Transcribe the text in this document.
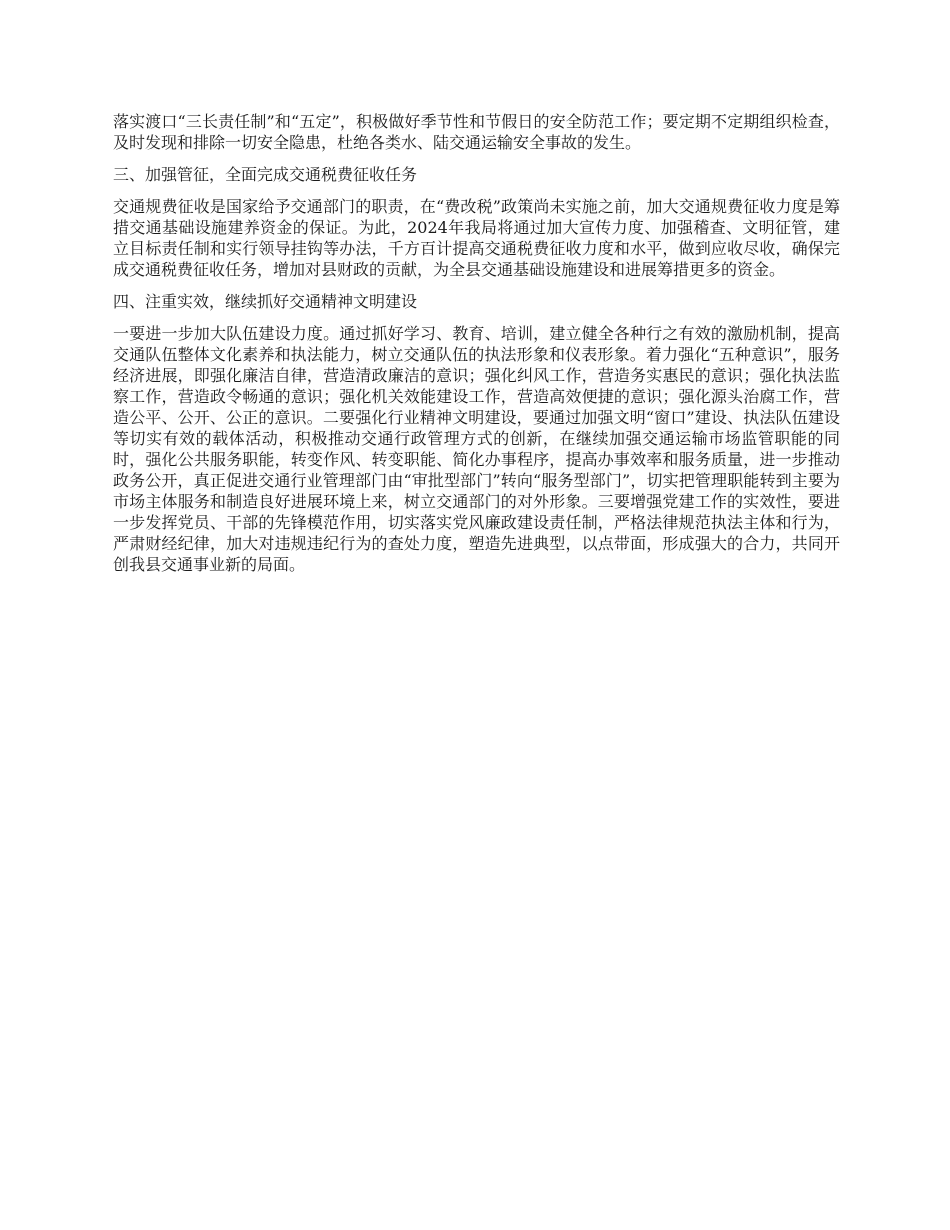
落实渡口“三长责任制”和“五定”，积极做好季节性和节假日的安全防范工作；要定期不定期组织检查，及时发现和排除一切安全隐患，杜绝各类水、陆交通运输安全事故的发生。

三、加强管征，全面完成交通税费征收任务

交通规费征收是国家给予交通部门的职责，在“费改税”政策尚未实施之前，加大交通规费征收力度是筹措交通基础设施建养资金的保证。为此，2024年我局将通过加大宣传力度、加强稽查、文明征管，建立目标责任制和实行领导挂钩等办法，千方百计提高交通税费征收力度和水平，做到应收尽收，确保完成交通税费征收任务，增加对县财政的贡献，为全县交通基础设施建设和进展筹措更多的资金。

四、注重实效，继续抓好交通精神文明建设

一要进一步加大队伍建设力度。通过抓好学习、教育、培训，建立健全各种行之有效的激励机制，提高交通队伍整体文化素养和执法能力，树立交通队伍的执法形象和仪表形象。着力强化“五种意识”，服务经济进展，即强化廉洁自律，营造清政廉洁的意识；强化纠风工作，营造务实惠民的意识；强化执法监察工作，营造政令畅通的意识；强化机关效能建设工作，营造高效便捷的意识；强化源头治腐工作，营造公平、公开、公正的意识。二要强化行业精神文明建设，要通过加强文明“窗口”建设、执法队伍建设等切实有效的载体活动，积极推动交通行政管理方式的创新，在继续加强交通运输市场监管职能的同时，强化公共服务职能，转变作风、转变职能、简化办事程序，提高办事效率和服务质量，进一步推动政务公开，真正促进交通行业管理部门由“审批型部门”转向“服务型部门”，切实把管理职能转到主要为市场主体服务和制造良好进展环境上来，树立交通部门的对外形象。三要增强党建工作的实效性，要进一步发挥党员、干部的先锋模范作用，切实落实党风廉政建设责任制，严格法律规范执法主体和行为，严肃财经纪律，加大对违规违纪行为的查处力度，塑造先进典型，以点带面，形成强大的合力，共同开创我县交通事业新的局面。
